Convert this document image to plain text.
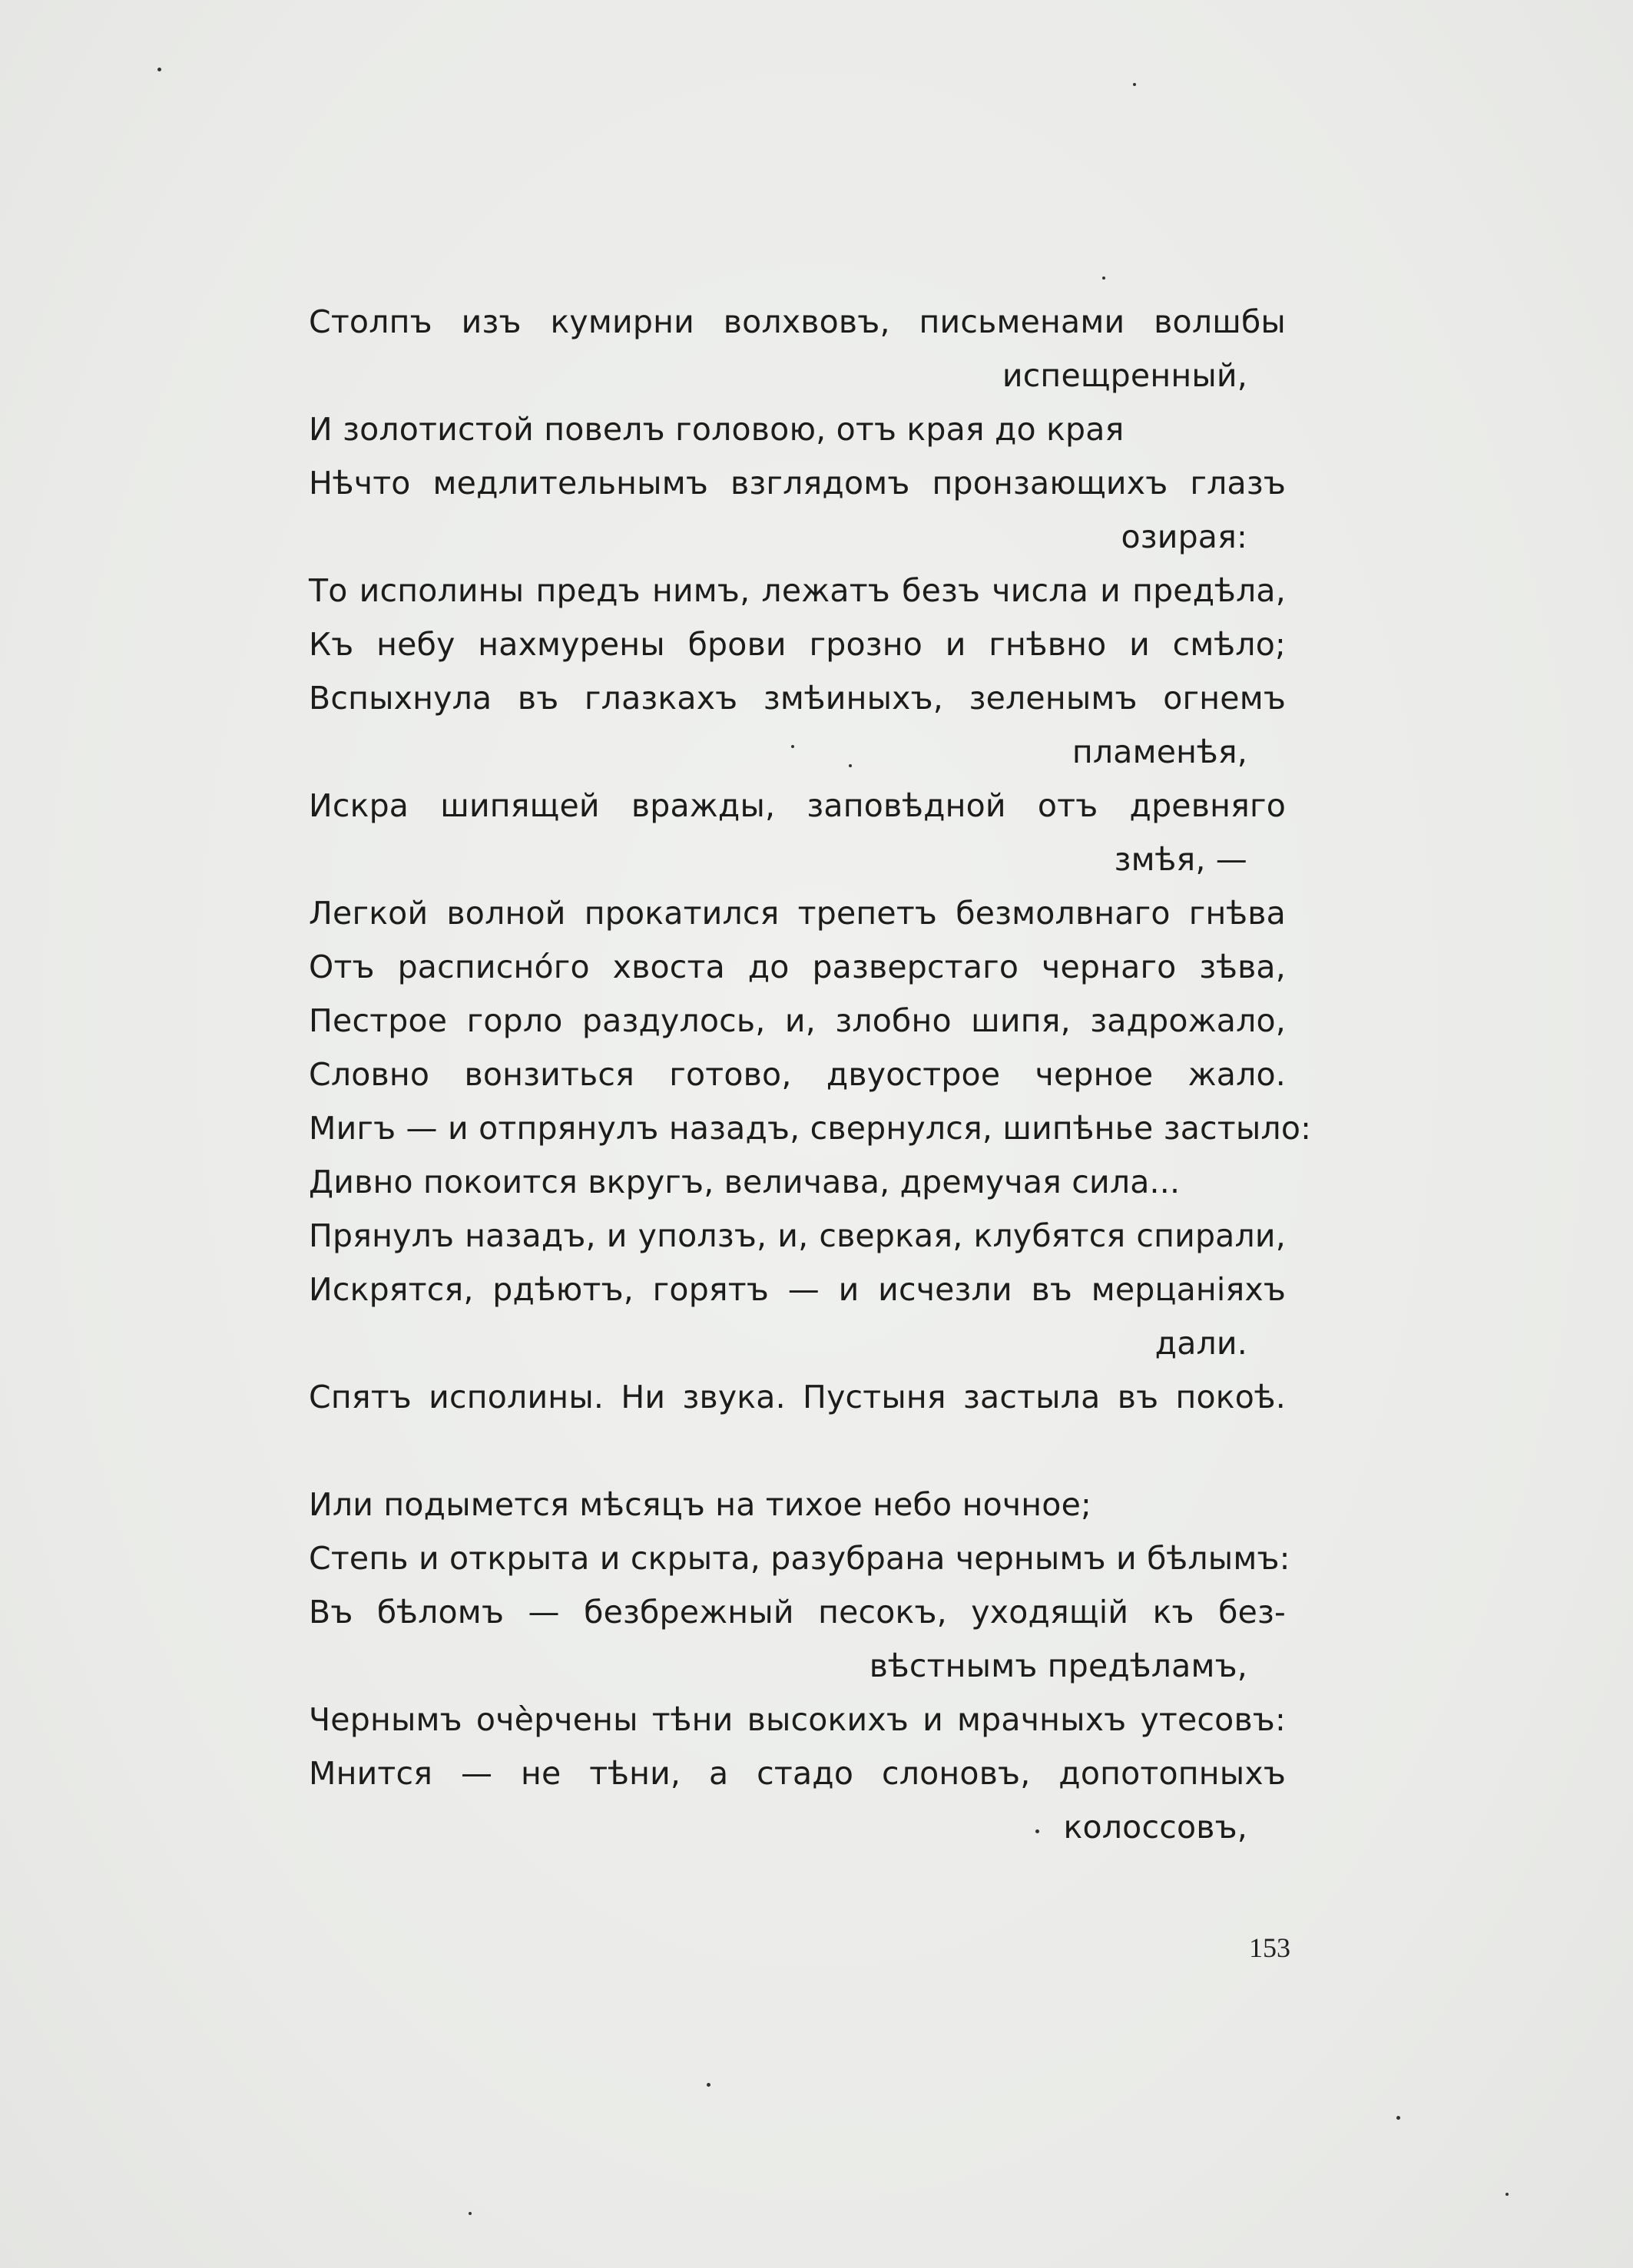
Столпъ изъ кумирни волхвовъ, письменами волшбы
испещренный,
И золотистой повелъ головою, отъ края до края
Нѣчто медлительнымъ взглядомъ пронзающихъ глазъ
озирая:
То исполины предъ нимъ, лежатъ безъ числа и предѣла,
Къ небу нахмурены брови грозно и гнѣвно и смѣло;
Вспыхнула въ глазкахъ змѣиныхъ, зеленымъ огнемъ
пламенѣя,
Искра шипящей вражды, заповѣдной отъ древняго
змѣя, —
Легкой волной прокатился трепетъ безмолвнаго гнѣва
Отъ расписнóго хвоста до разверстаго чернаго зѣва,
Пестрое горло раздулось, и, злобно шипя, задрожало,
Словно вонзиться готово, двуострое черное жало.
Мигъ — и отпрянулъ назадъ, свернулся, шипѣнье застыло:
Дивно покоится вкругъ, величава, дремучая сила...
Прянулъ назадъ, и уползъ, и, сверкая, клубятся спирали,
Искрятся, рдѣютъ, горятъ — и исчезли въ мерцаніяхъ
дали.
Спятъ исполины. Ни звука. Пустыня застыла въ покоѣ.
Или подымется мѣсяцъ на тихое небо ночное;
Степь и открыта и скрыта, разубрана чернымъ и бѣлымъ:
Въ бѣломъ — безбрежный песокъ, уходящій къ без-
вѣстнымъ предѣламъ,
Чернымъ очèрчены тѣни высокихъ и мрачныхъ утесовъ:
Мнится — не тѣни, а стадо слоновъ, допотопныхъ
колоссовъ,
153
